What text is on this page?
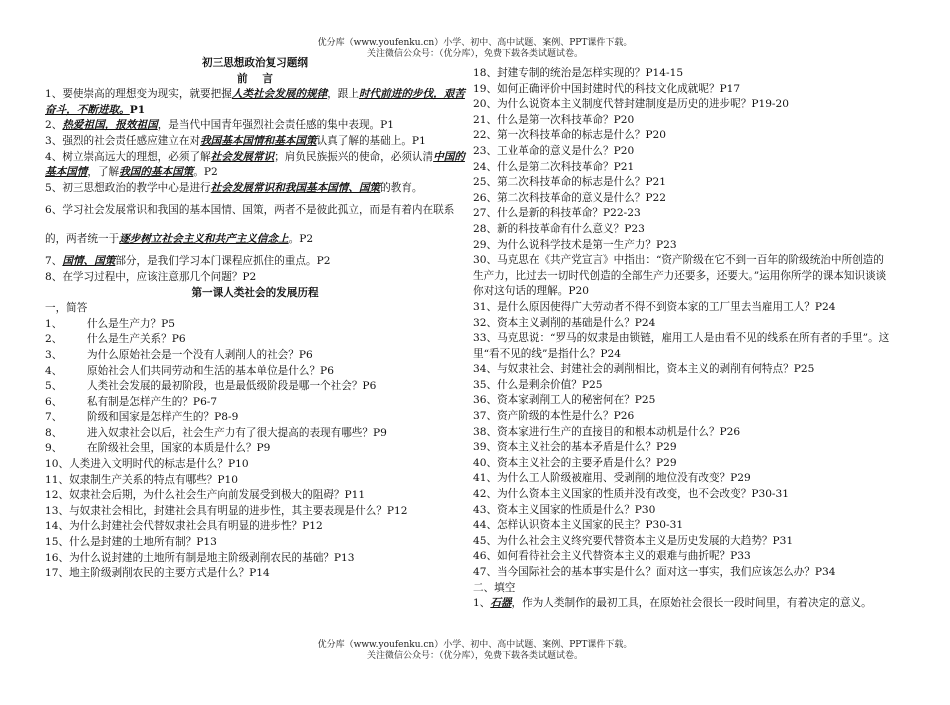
优分库（www.youfenku.cn）小学、初中、高中试题、案例、PPT课件下载。
关注微信公众号：（优分库），免费下载各类试题试卷。

初三思想政治复习题纲

前    言

1、要使崇高的理想变为现实，就要把握人类社会发展的规律，跟上时代前进的步伐，艰苦奋斗，不断进取。P1

2、热爱祖国，报效祖国，是当代中国青年强烈社会责任感的集中表现。P1

3、强烈的社会责任感应建立在对我国基本国情和基本国策认真了解的基础上。P1

4、树立崇高远大的理想，必须了解社会发展常识；肩负民族振兴的使命，必须认清中国的基本国情，了解我国的基本国策。P2

5、初三思想政治的教学中心是进行社会发展常识和我国基本国情、国策的教育。

6、学习社会发展常识和我国的基本国情、国策，两者不是彼此孤立，而是有着内在联系的，两者统一于逐步树立社会主义和共产主义信念上。P2

7、国情、国策部分，是我们学习本门课程应抓住的重点。P2

8、在学习过程中，应该注意那几个问题？P2

第一课人类社会的发展历程

一，简答

1、 什么是生产力？P5

2、 什么是生产关系？P6

3、 为什么原始社会是一个没有人剥削人的社会？P6

4、 原始社会人们共同劳动和生活的基本单位是什么？P6

5、 人类社会发展的最初阶段，也是最低级阶段是哪一个社会？P6

6、 私有制是怎样产生的？P6-7

7、 阶级和国家是怎样产生的？P8-9

8、 进入奴隶社会以后，社会生产力有了很大提高的表现有哪些？P9

9、 在阶级社会里，国家的本质是什么？P9

10、人类进入文明时代的标志是什么？P10

11、奴隶制生产关系的特点有哪些？P10

12、奴隶社会后期，为什么社会生产向前发展受到极大的阻碍？P11

13、与奴隶社会相比，封建社会具有明显的进步性，其主要表现是什么？P12

14、为什么封建社会代替奴隶社会具有明显的进步性？P12

15、什么是封建的土地所有制？P13

16、为什么说封建的土地所有制是地主阶级剥削农民的基础？P13

17、地主阶级剥削农民的主要方式是什么？P14

18、封建专制的统治是怎样实现的？P14-15

19、如何正确评价中国封建时代的科技文化成就呢？P17

20、为什么说资本主义制度代替封建制度是历史的进步呢？P19-20

21、什么是第一次科技革命？P20

22、第一次科技革命的标志是什么？P20

23、工业革命的意义是什么？P20

24、什么是第二次科技革命？P21

25、第二次科技革命的标志是什么？P21

26、第二次科技革命的意义是什么？P22

27、什么是新的科技革命？P22-23

28、新的科技革命有什么意义？P23

29、为什么说科学技术是第一生产力？P23

30、马克思在《共产党宣言》中指出：“资产阶级在它不到一百年的阶级统治中所创造的生产力，比过去一切时代创造的全部生产力还要多，还要大。”运用你所学的课本知识谈谈你对这句话的理解。P20

31、是什么原因使得广大劳动者不得不到资本家的工厂里去当雇用工人？P24

32、资本主义剥削的基础是什么？P24

33、马克思说：“罗马的奴隶是由锁链，雇用工人是由看不见的线系在所有者的手里”。这里“看不见的线”是指什么？P24

34、与奴隶社会、封建社会的剥削相比，资本主义的剥削有何特点？P25

35、什么是剩余价值？P25

36、资本家剥削工人的秘密何在？P25

37、资产阶级的本性是什么？P26

38、资本家进行生产的直接目的和根本动机是什么？P26

39、资本主义社会的基本矛盾是什么？P29

40、资本主义社会的主要矛盾是什么？P29

41、为什么工人阶级被雇用、受剥削的地位没有改变？P29

42、为什么资本主义国家的性质并没有改变，也不会改变？P30-31

43、资本主义国家的性质是什么？P30

44、怎样认识资本主义国家的民主？P30-31

45、为什么社会主义终究要代替资本主义是历史发展的大趋势？P31

46、如何看待社会主义代替资本主义的艰难与曲折呢？P33

47、当今国际社会的基本事实是什么？面对这一事实，我们应该怎么办？P34

二、填空

1、石器，作为人类制作的最初工具，在原始社会很长一段时间里，有着决定的意义。

优分库（www.youfenku.cn）小学、初中、高中试题、案例、PPT课件下载。
关注微信公众号：（优分库），免费下载各类试题试卷。
